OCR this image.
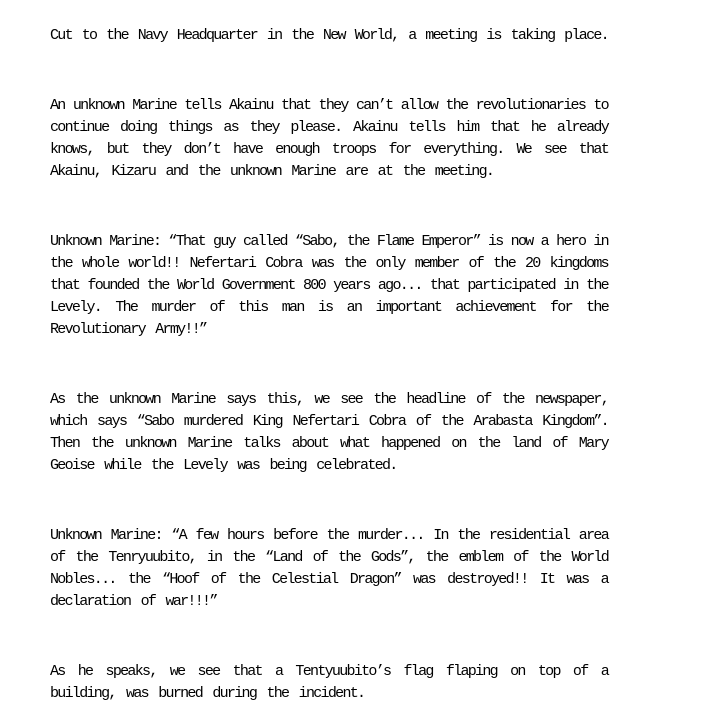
Cut to the Navy Headquarter in the New World, a meeting is taking place.
An unknown Marine tells Akainu that they can’t allow the revolutionaries to
continue doing things as they please. Akainu tells him that he already
knows, but they don’t have enough troops for everything. We see that
Akainu, Kizaru and the unknown Marine are at the meeting.
Unknown Marine: “That guy called “Sabo, the Flame Emperor” is now a hero in
the whole world!! Nefertari Cobra was the only member of the 20 kingdoms
that founded the World Government 800 years ago... that participated in the
Levely. The murder of this man is an important achievement for the
Revolutionary Army!!”
As the unknown Marine says this, we see the headline of the newspaper,
which says “Sabo murdered King Nefertari Cobra of the Arabasta Kingdom”.
Then the unknown Marine talks about what happened on the land of Mary
Geoise while the Levely was being celebrated.
Unknown Marine: “A few hours before the murder... In the residential area
of the Tenryuubito, in the “Land of the Gods”, the emblem of the World
Nobles... the “Hoof of the Celestial Dragon” was destroyed!! It was a
declaration of war!!!”
As he speaks, we see that a Tentyuubito’s flag flaping on top of a
building, was burned during the incident.
